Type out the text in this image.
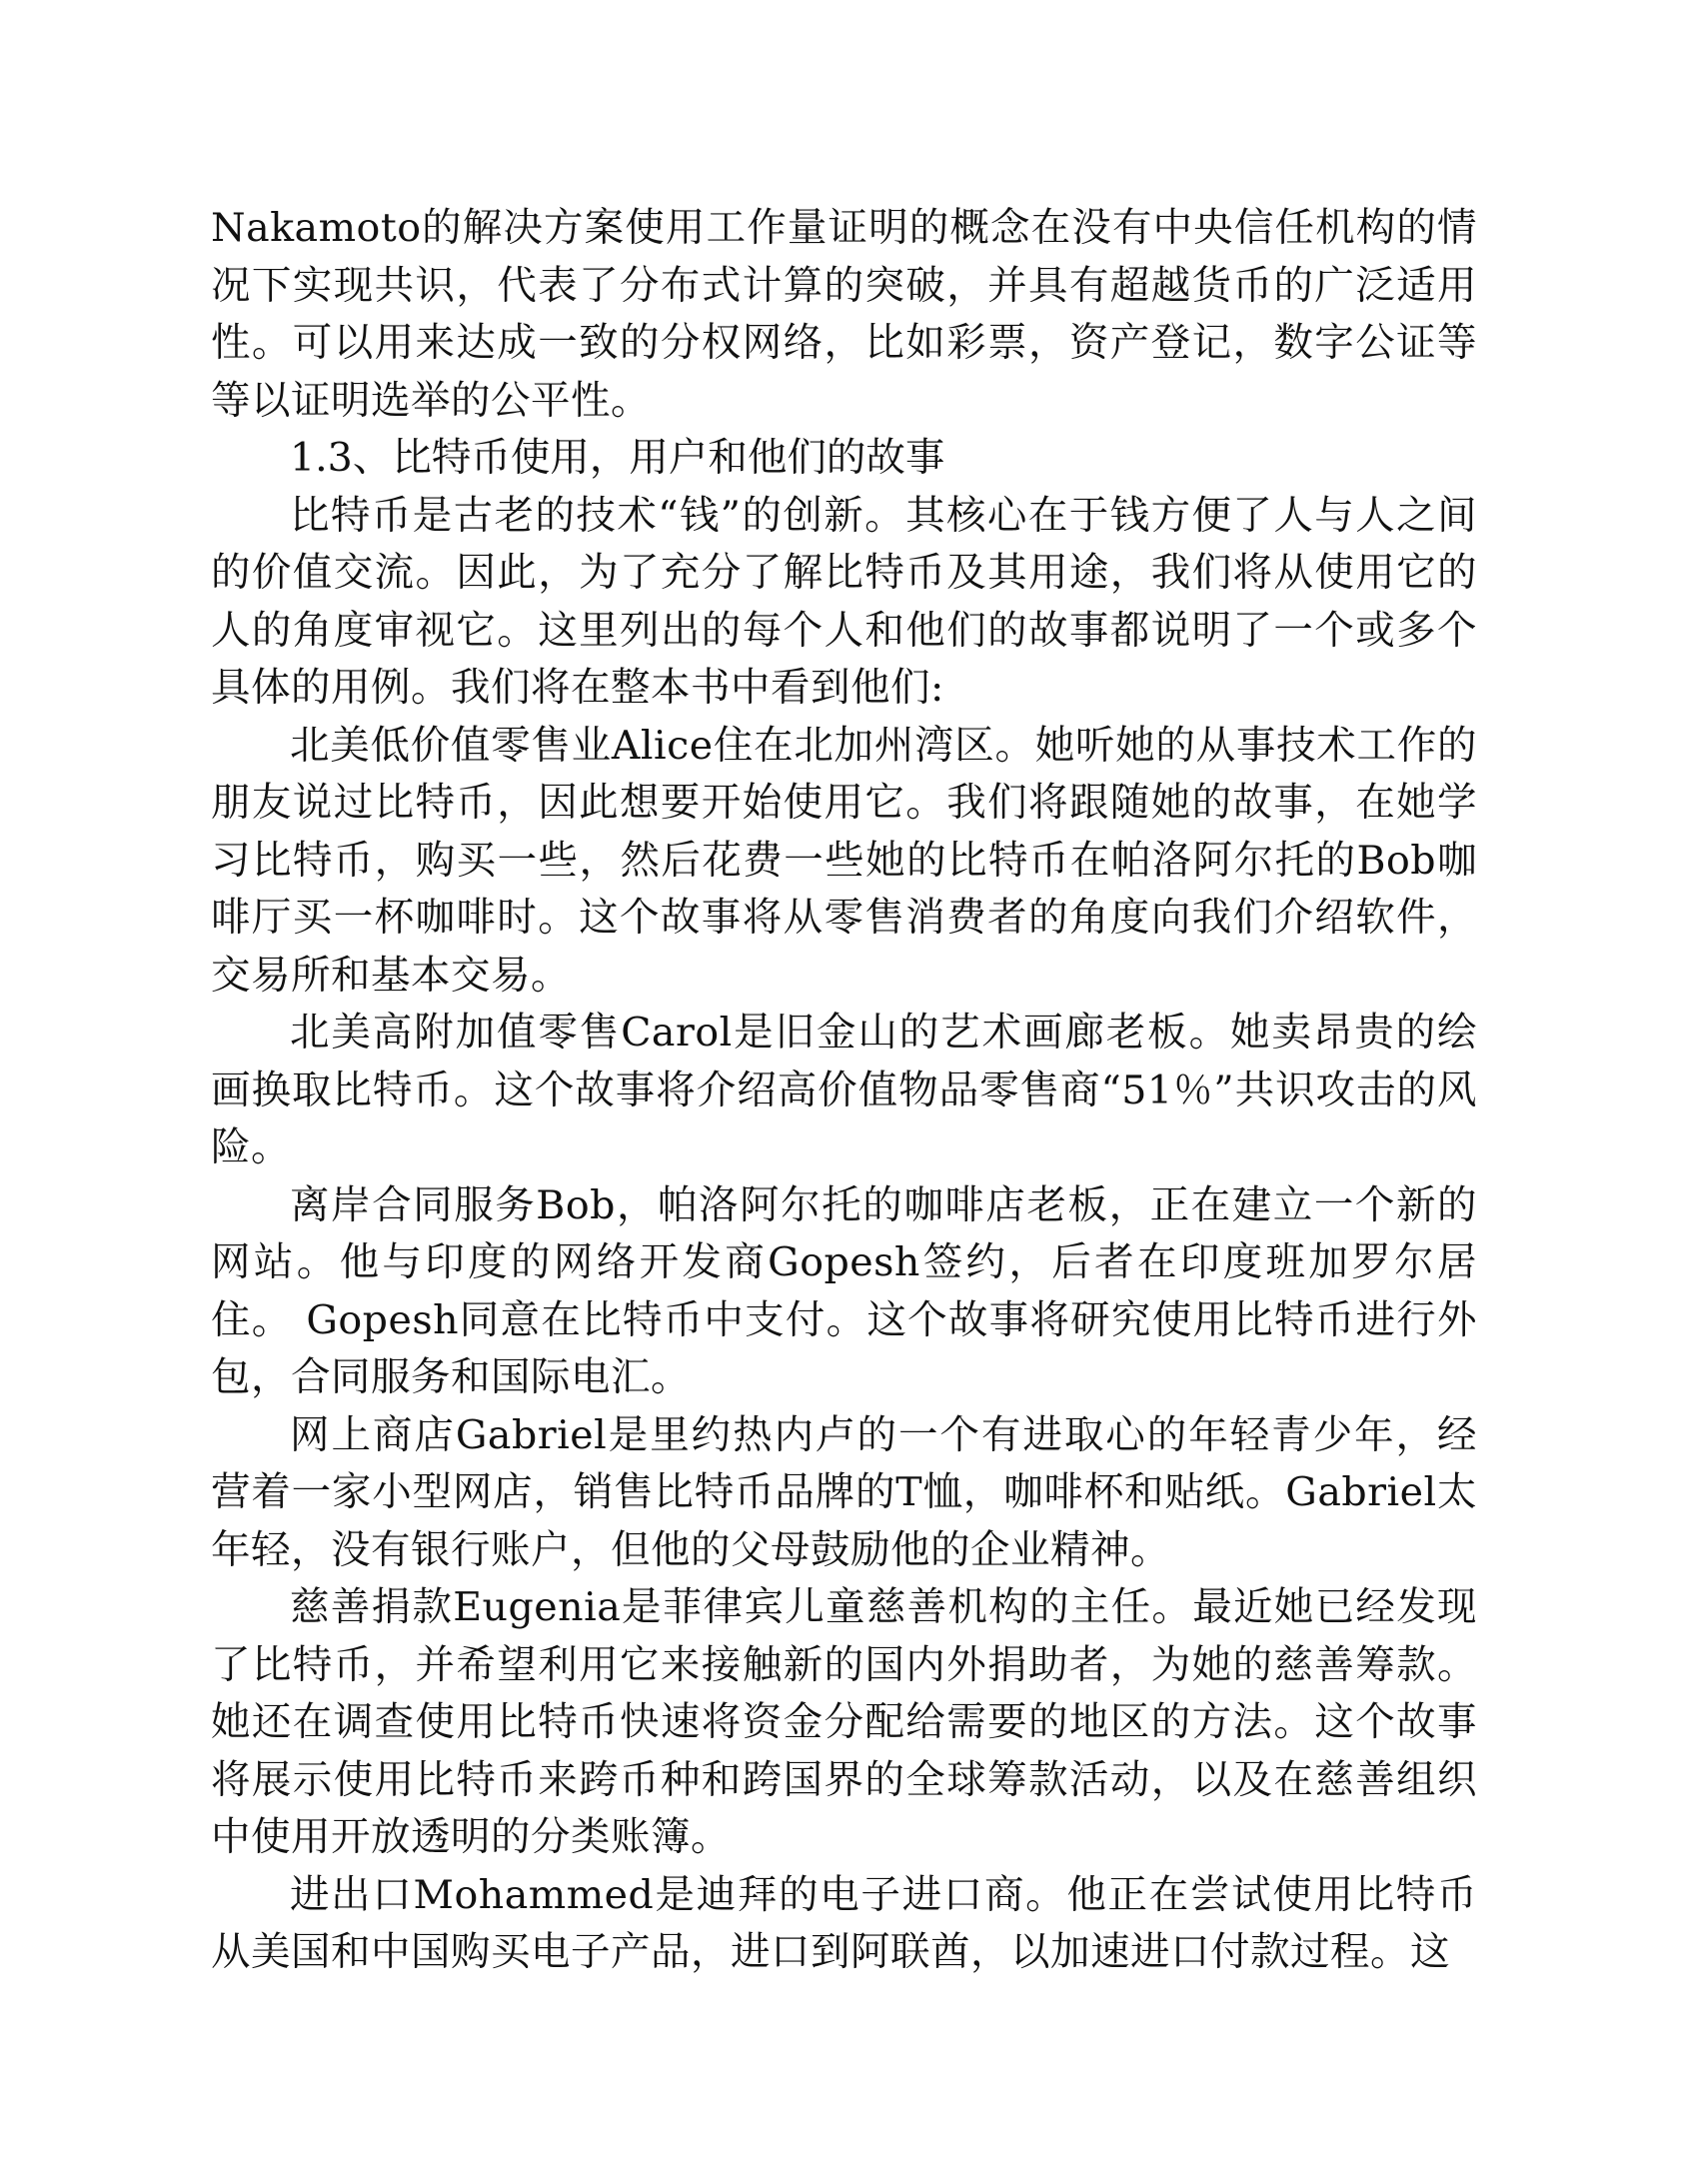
Nakamoto的解决方案使用工作量证明的概念在没有中央信任机构的情况下实现共识，代表了分布式计算的突破，并具有超越货币的广泛适用性。可以用来达成一致的分权网络，比如彩票，资产登记，数字公证等等以证明选举的公平性。

1.3、比特币使用，用户和他们的故事

比特币是古老的技术“钱”的创新。其核心在于钱方便了人与人之间的价值交流。因此，为了充分了解比特币及其用途，我们将从使用它的人的角度审视它。这里列出的每个人和他们的故事都说明了一个或多个具体的用例。我们将在整本书中看到他们:

北美低价值零售业Alice住在北加州湾区。她听她的从事技术工作的朋友说过比特币，因此想要开始使用它。我们将跟随她的故事，在她学习比特币，购买一些，然后花费一些她的比特币在帕洛阿尔托的Bob咖啡厅买一杯咖啡时。这个故事将从零售消费者的角度向我们介绍软件，交易所和基本交易。

北美高附加值零售Carol是旧金山的艺术画廊老板。她卖昂贵的绘画换取比特币。这个故事将介绍高价值物品零售商“51％”共识攻击的风险。

离岸合同服务Bob，帕洛阿尔托的咖啡店老板，正在建立一个新的网站。他与印度的网络开发商Gopesh签约，后者在印度班加罗尔居住。 Gopesh同意在比特币中支付。这个故事将研究使用比特币进行外包，合同服务和国际电汇。

网上商店Gabriel是里约热内卢的一个有进取心的年轻青少年，经营着一家小型网店，销售比特币品牌的T恤，咖啡杯和贴纸。Gabriel太年轻，没有银行账户，但他的父母鼓励他的企业精神。

慈善捐款Eugenia是菲律宾儿童慈善机构的主任。最近她已经发现了比特币，并希望利用它来接触新的国内外捐助者，为她的慈善筹款。她还在调查使用比特币快速将资金分配给需要的地区的方法。这个故事将展示使用比特币来跨币种和跨国界的全球筹款活动，以及在慈善组织中使用开放透明的分类账簿。

进出口Mohammed是迪拜的电子进口商。他正在尝试使用比特币从美国和中国购买电子产品，进口到阿联酋，以加速进口付款过程。这
